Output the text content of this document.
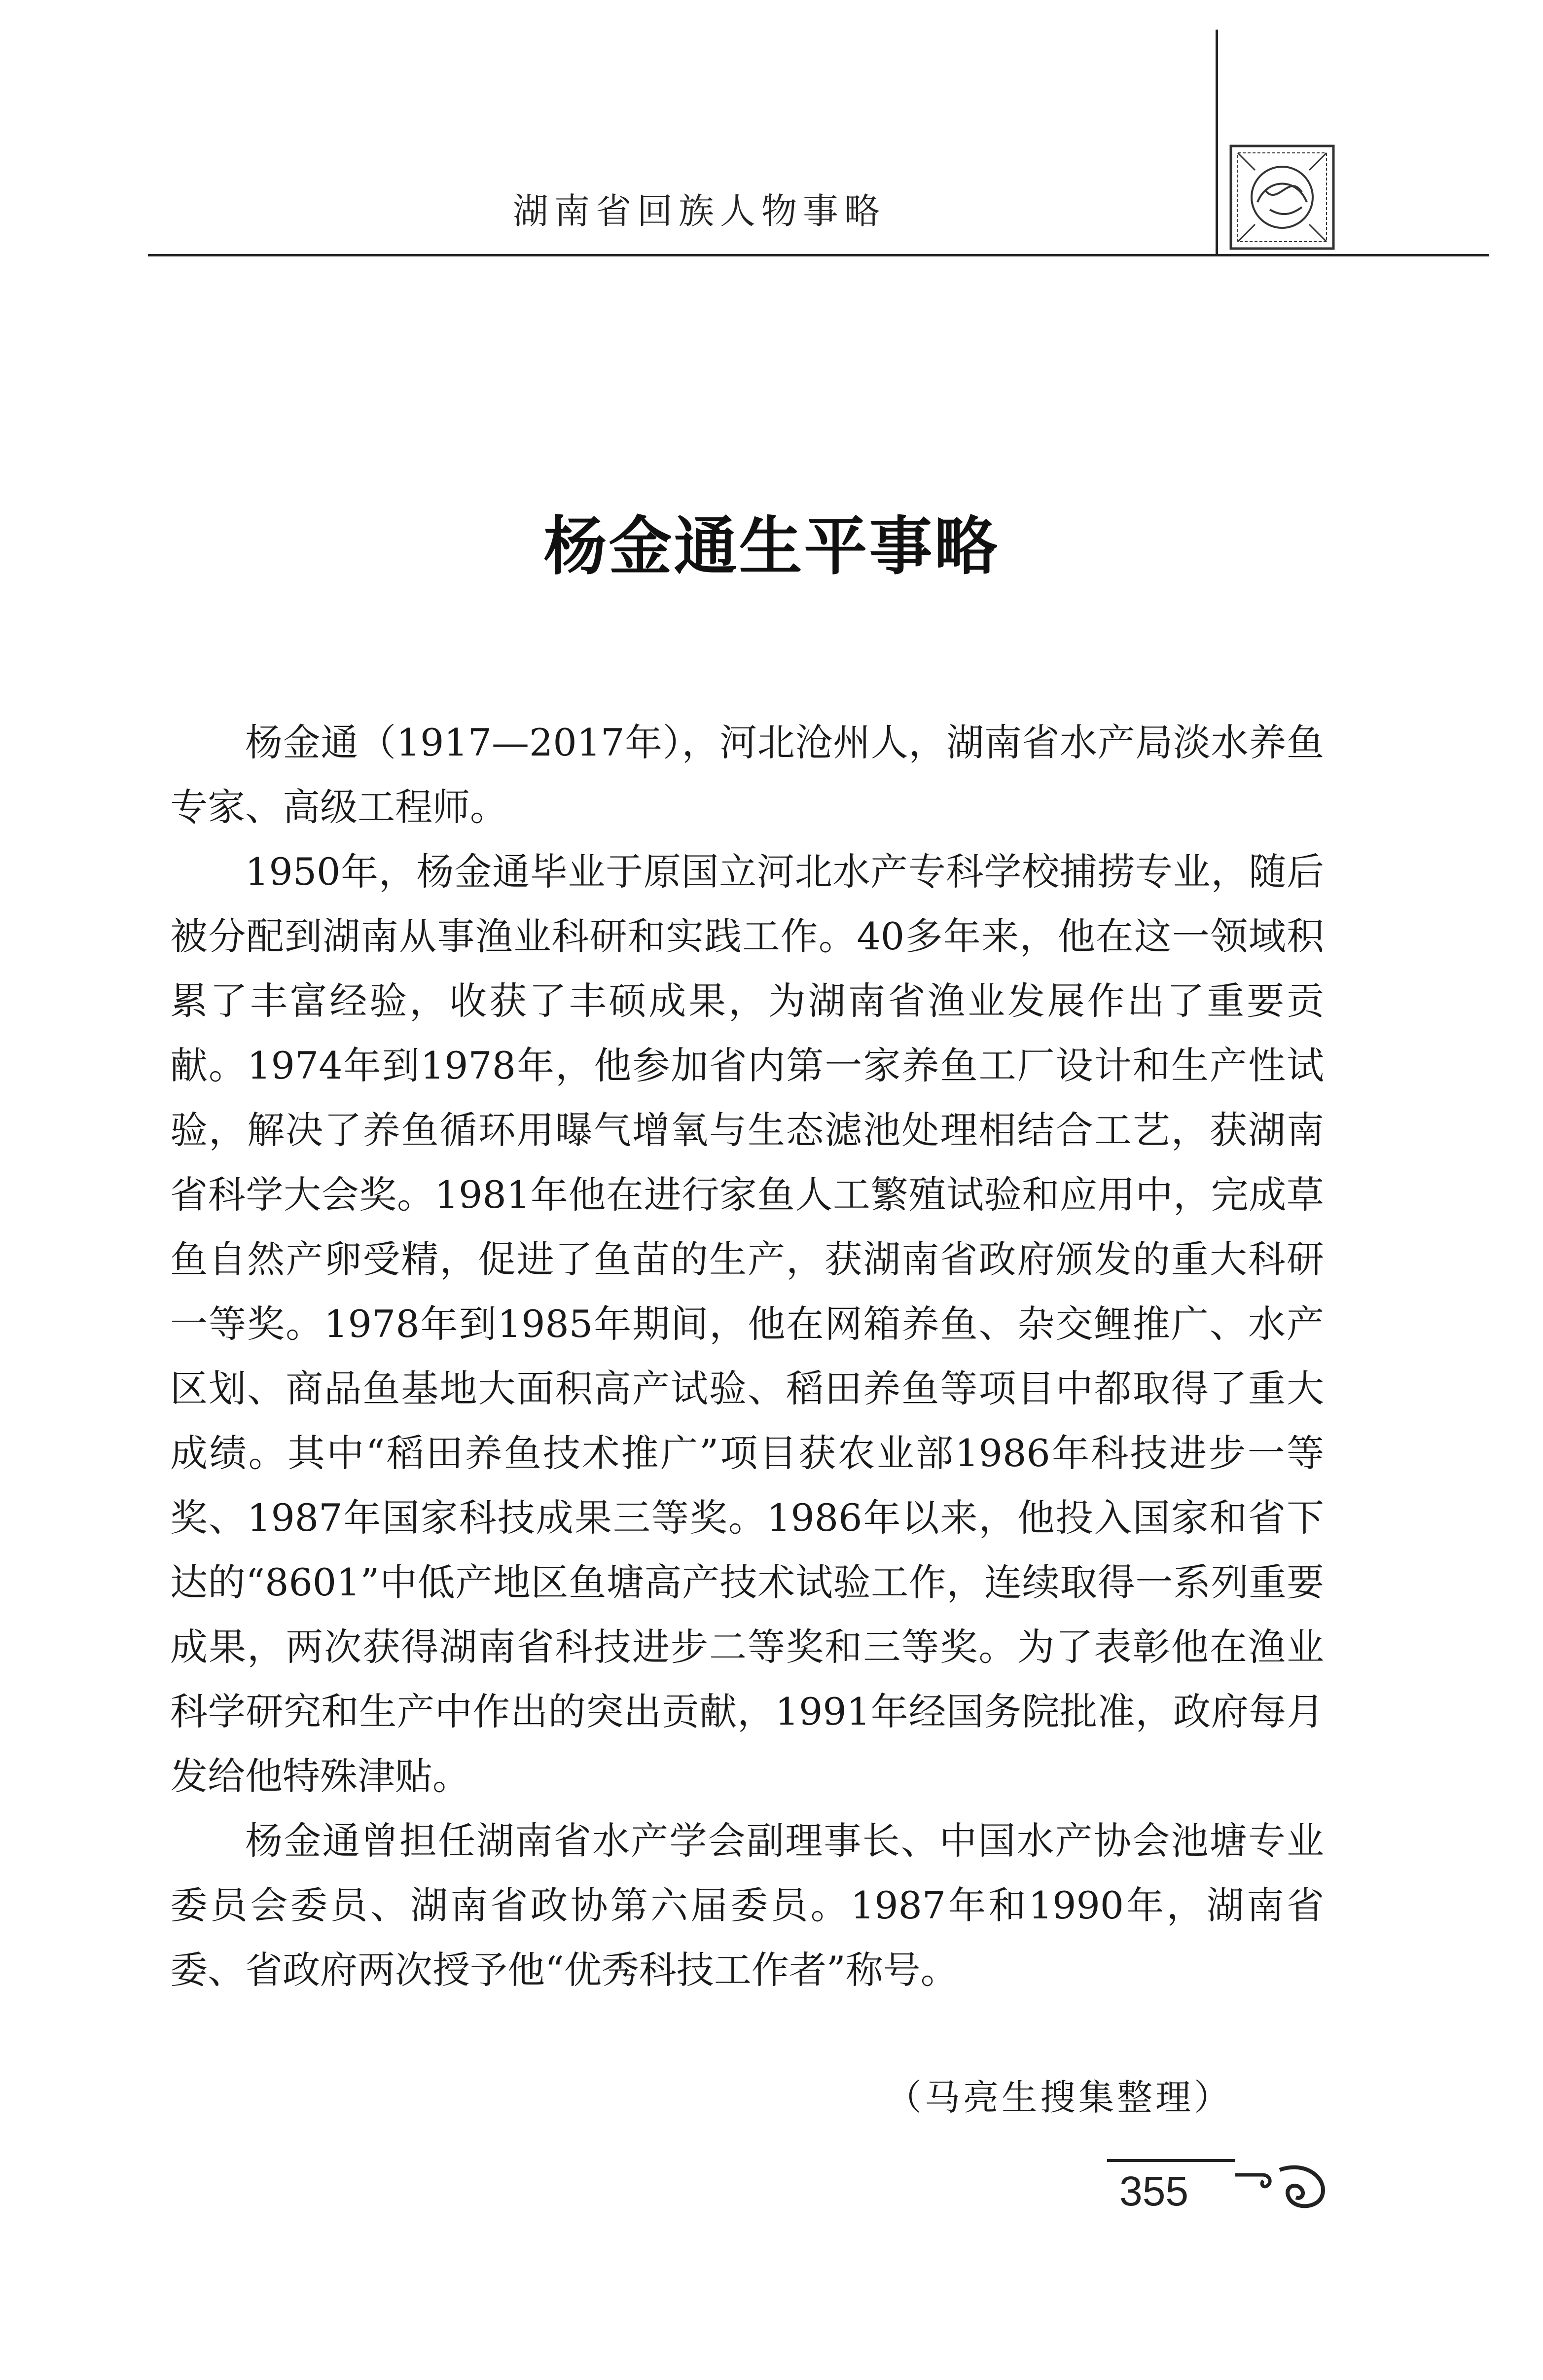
湖南省回族人物事略
杨金通生平事略

杨金通（1917—2017年），河北沧州人，湖南省水产局淡水养鱼专家、高级工程师。

1950年，杨金通毕业于原国立河北水产专科学校捕捞专业，随后被分配到湖南从事渔业科研和实践工作。40多年来，他在这一领域积累了丰富经验，收获了丰硕成果，为湖南省渔业发展作出了重要贡献。1974年到1978年，他参加省内第一家养鱼工厂设计和生产性试验，解决了养鱼循环用曝气增氧与生态滤池处理相结合工艺，获湖南省科学大会奖。1981年他在进行家鱼人工繁殖试验和应用中，完成草鱼自然产卵受精，促进了鱼苗的生产，获湖南省政府颁发的重大科研一等奖。1978年到1985年期间，他在网箱养鱼、杂交鲤推广、水产区划、商品鱼基地大面积高产试验、稻田养鱼等项目中都取得了重大成绩。其中“稻田养鱼技术推广”项目获农业部1986年科技进步一等奖、1987年国家科技成果三等奖。1986年以来，他投入国家和省下达的“8601”中低产地区鱼塘高产技术试验工作，连续取得一系列重要成果，两次获得湖南省科技进步二等奖和三等奖。为了表彰他在渔业科学研究和生产中作出的突出贡献，1991年经国务院批准，政府每月发给他特殊津贴。

杨金通曾担任湖南省水产学会副理事长、中国水产协会池塘专业委员会委员、湖南省政协第六届委员。1987年和1990年，湖南省委、省政府两次授予他“优秀科技工作者”称号。

（马亮生搜集整理）
355
